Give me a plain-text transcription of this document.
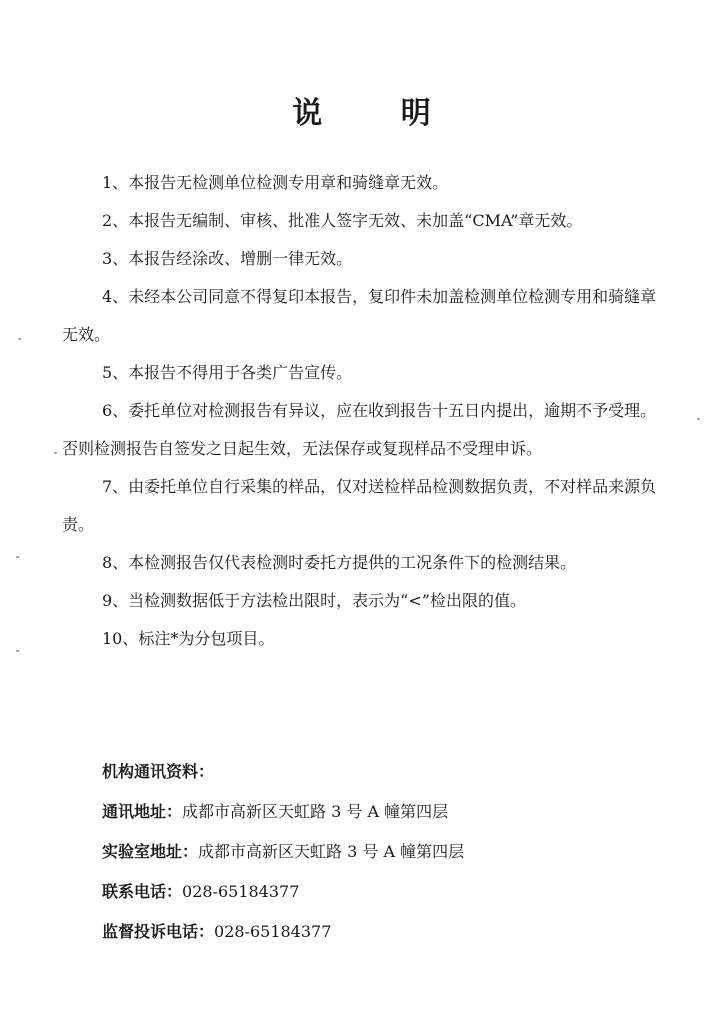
说 明

1、本报告无检测单位检测专用章和骑缝章无效。

2、本报告无编制、审核、批准人签字无效、未加盖“CMA”章无效。

3、本报告经涂改、增删一律无效。

4、未经本公司同意不得复印本报告，复印件未加盖检测单位检测专用和骑缝章无效。

5、本报告不得用于各类广告宣传。

6、委托单位对检测报告有异议，应在收到报告十五日内提出，逾期不予受理。否则检测报告自签发之日起生效，无法保存或复现样品不受理申诉。

7、由委托单位自行采集的样品，仅对送检样品检测数据负责，不对样品来源负责。

8、本检测报告仅代表检测时委托方提供的工况条件下的检测结果。

9、当检测数据低于方法检出限时，表示为“<”检出限的值。

10、标注*为分包项目。

机构通讯资料：

通讯地址：成都市高新区天虹路 3 号 A 幢第四层

实验室地址：成都市高新区天虹路 3 号 A 幢第四层

联系电话：028-65184377

监督投诉电话：028-65184377
